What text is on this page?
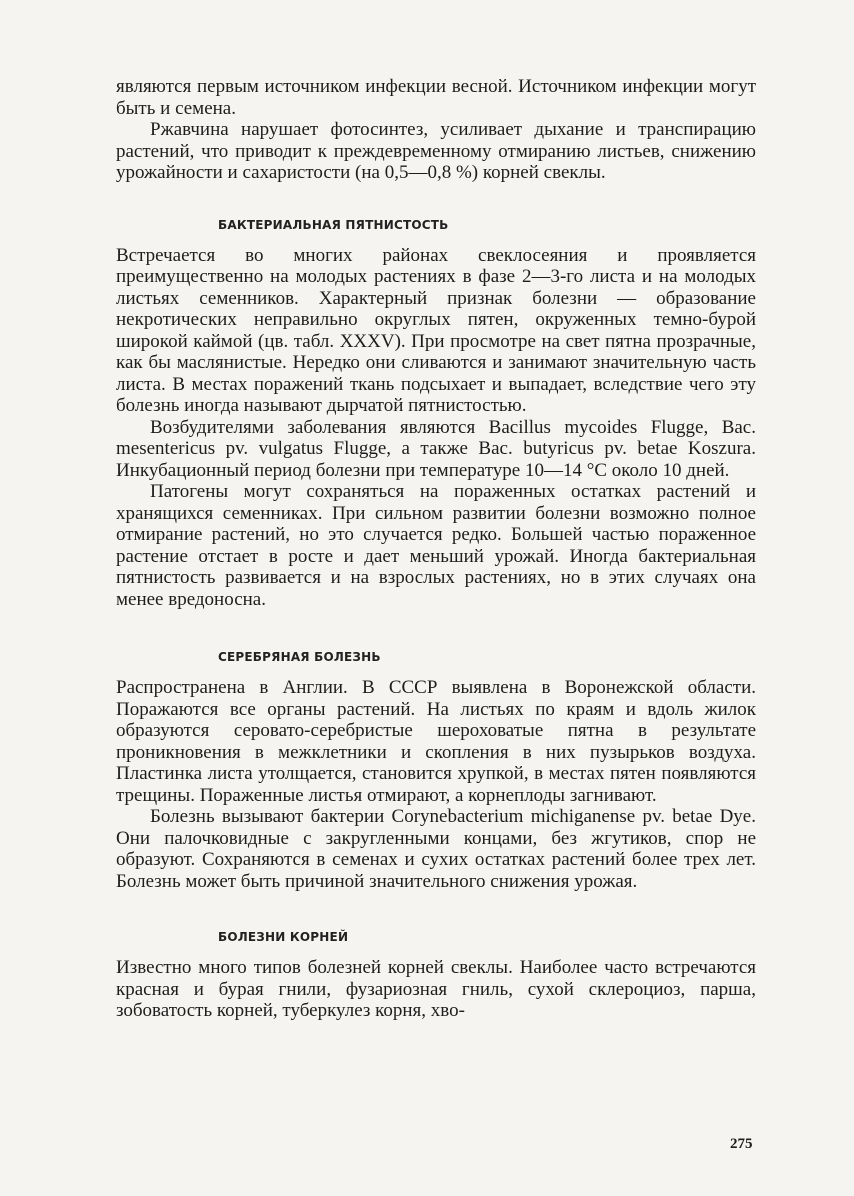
являются первым источником инфекции весной. Источником инфекции могут быть и семена.

Ржавчина нарушает фотосинтез, усиливает дыхание и транспирацию растений, что приводит к преждевременному отмиранию листьев, снижению урожайности и сахаристости (на 0,5—0,8 %) корней свеклы.

БАКТЕРИАЛЬНАЯ ПЯТНИСТОСТЬ

Встречается во многих районах свеклосеяния и проявляется преимущественно на молодых растениях в фазе 2—3-го листа и на молодых листьях семенников. Характерный признак болезни — образование некротических неправильно округлых пятен, окруженных темно-бурой широкой каймой (цв. табл. XXXV). При просмотре на свет пятна прозрачные, как бы маслянистые. Нередко они сливаются и занимают значительную часть листа. В местах поражений ткань подсыхает и выпадает, вследствие чего эту болезнь иногда называют дырчатой пятнистостью.

Возбудителями заболевания являются Bacillus mycoides Flugge, Bac. mesentericus pv. vulgatus Flugge, а также Bac. butyricus pv. betae Koszura. Инкубационный период болезни при температуре 10—14 °С около 10 дней.

Патогены могут сохраняться на пораженных остатках растений и хранящихся семенниках. При сильном развитии болезни возможно полное отмирание растений, но это случается редко. Большей частью пораженное растение отстает в росте и дает меньший урожай. Иногда бактериальная пятнистость развивается и на взрослых растениях, но в этих случаях она менее вредоносна.

СЕРЕБРЯНАЯ БОЛЕЗНЬ

Распространена в Англии. В СССР выявлена в Воронежской области. Поражаются все органы растений. На листьях по краям и вдоль жилок образуются серовато-серебристые шероховатые пятна в результате проникновения в межклетники и скопления в них пузырьков воздуха. Пластинка листа утолщается, становится хрупкой, в местах пятен появляются трещины. Пораженные листья отмирают, а корнеплоды загнивают.

Болезнь вызывают бактерии Corynebacterium michiganense pv. betae Dye. Они палочковидные с закругленными концами, без жгутиков, спор не образуют. Сохраняются в семенах и сухих остатках растений более трех лет. Болезнь может быть причиной значительного снижения урожая.

БОЛЕЗНИ КОРНЕЙ

Известно много типов болезней корней свеклы. Наиболее часто встречаются красная и бурая гнили, фузариозная гниль, сухой склероциоз, парша, зобоватость корней, туберкулез корня, хво-

275
